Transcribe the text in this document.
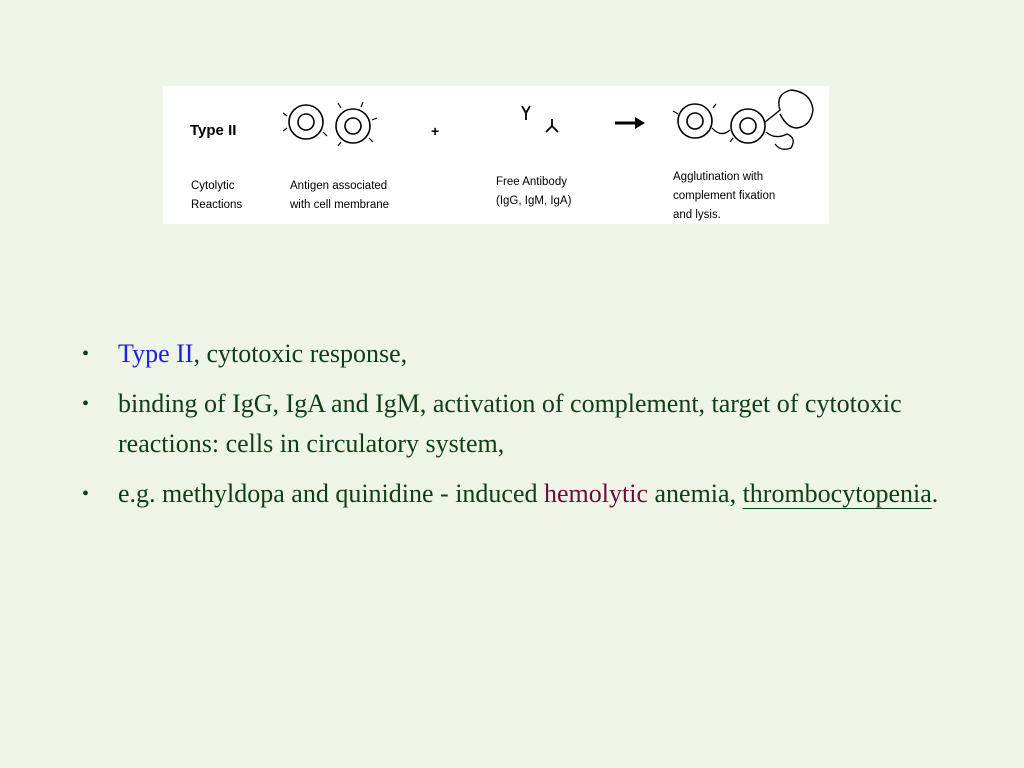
Type II
Cytolytic
Reactions
Antigen associated
with cell membrane
+
Free Antibody
(IgG, IgM, IgA)
Agglutination with
complement fixation
and lysis.
• Type II, cytotoxic response,
• binding of IgG, IgA and IgM, activation of complement, target of cytotoxic reactions: cells in circulatory system,
• e.g. methyldopa and quinidine - induced hemolytic anemia, thrombocytopenia.
